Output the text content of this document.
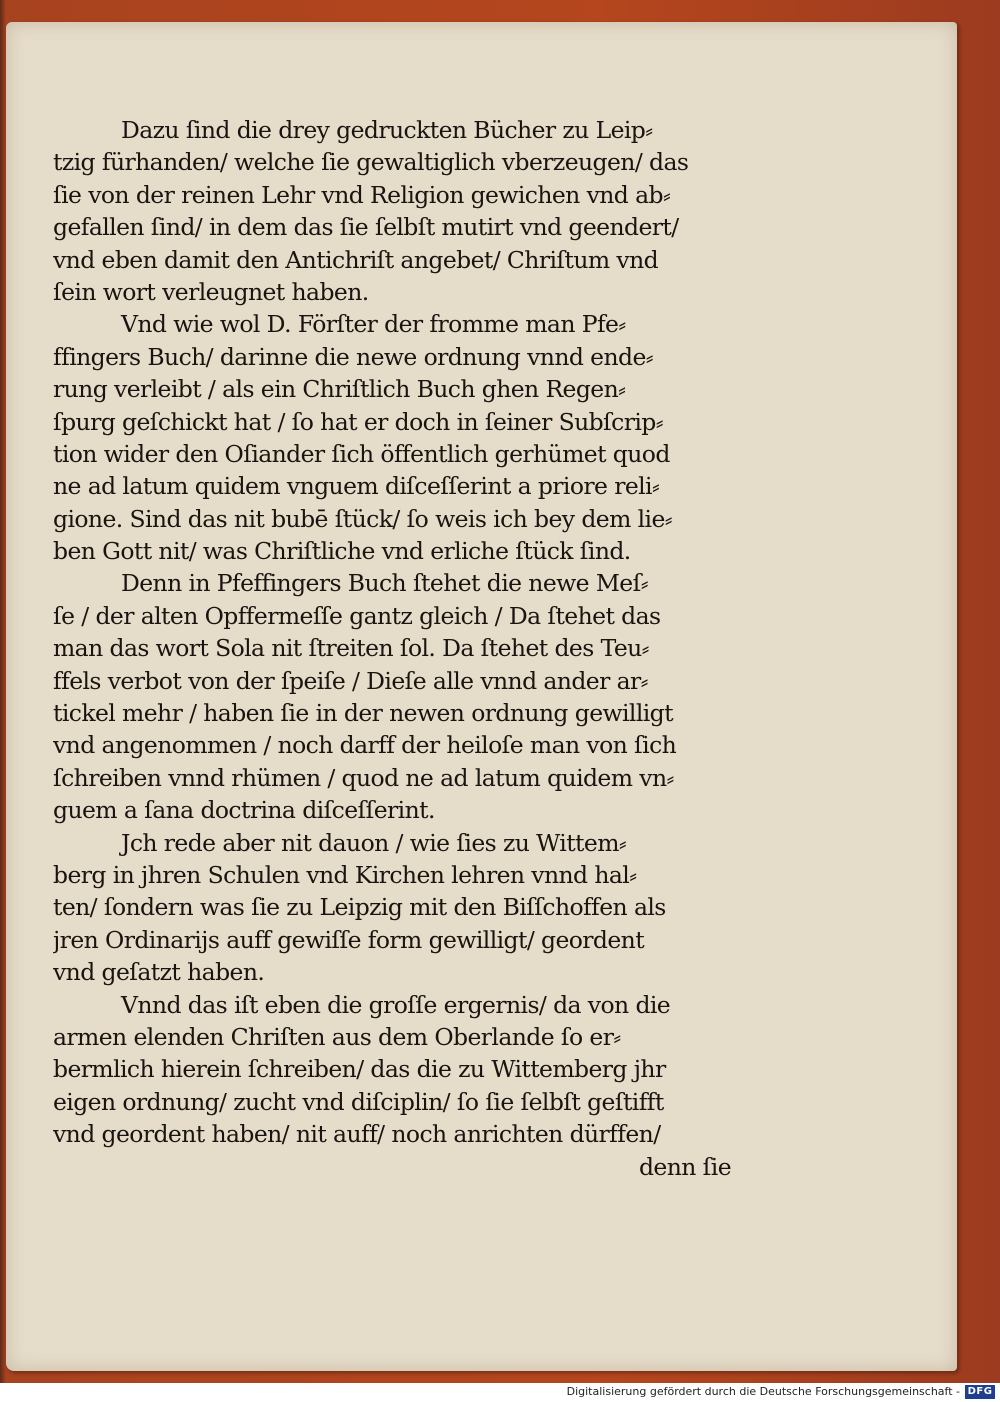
Dazu ſind die drey gedruckten Bücher zu Leip⸗
tzig fürhanden/ welche ſie gewaltiglich vberzeugen/ das
ſie von der reinen Lehr vnd Religion gewichen vnd ab⸗
gefallen ſind/ in dem das ſie ſelbſt mutirt vnd geendert/
vnd eben damit den Antichriſt angebet/ Chriſtum vnd
ſein wort verleugnet haben.
Vnd wie wol D. Förſter der fromme man Pfe⸗
ffingers Buch/ darinne die newe ordnung vnnd ende⸗
rung verleibt / als ein Chriſtlich Buch ghen Regen⸗
ſpurg geſchickt hat / ſo hat er doch in ſeiner Subſcrip⸗
tion wider den Oſiander ſich öffentlich gerhümet quod
ne ad latum quidem vnguem diſceſſerint a priore reli⸗
gione. Sind das nit bubē ſtück/ ſo weis ich bey dem lie⸗
ben Gott nit/ was Chriſtliche vnd erliche ſtück ſind.
Denn in Pfeffingers Buch ſtehet die newe Meſ⸗
ſe / der alten Opffermeſſe gantz gleich / Da ſtehet das
man das wort Sola nit ſtreiten ſol. Da ſtehet des Teu⸗
ffels verbot von der ſpeiſe / Dieſe alle vnnd ander ar⸗
tickel mehr / haben ſie in der newen ordnung gewilligt
vnd angenommen / noch darff der heiloſe man von ſich
ſchreiben vnnd rhümen / quod ne ad latum quidem vn⸗
guem a ſana doctrina diſceſſerint.
Jch rede aber nit dauon / wie ſies zu Wittem⸗
berg in jhren Schulen vnd Kirchen lehren vnnd hal⸗
ten/ ſondern was ſie zu Leipzig mit den Biſſchoffen als
jren Ordinarijs auff gewiſſe form gewilligt/ geordent
vnd geſatzt haben.
Vnnd das iſt eben die groſſe ergernis/ da von die
armen elenden Chriſten aus dem Oberlande ſo er⸗
bermlich hierein ſchreiben/ das die zu Wittemberg jhr
eigen ordnung/ zucht vnd diſciplin/ ſo ſie ſelbſt geſtifft
vnd geordent haben/ nit auff/ noch anrichten dürffen/
denn ſie
Digitalisierung gefördert durch die Deutsche Forschungsgemeinschaft - DFG
